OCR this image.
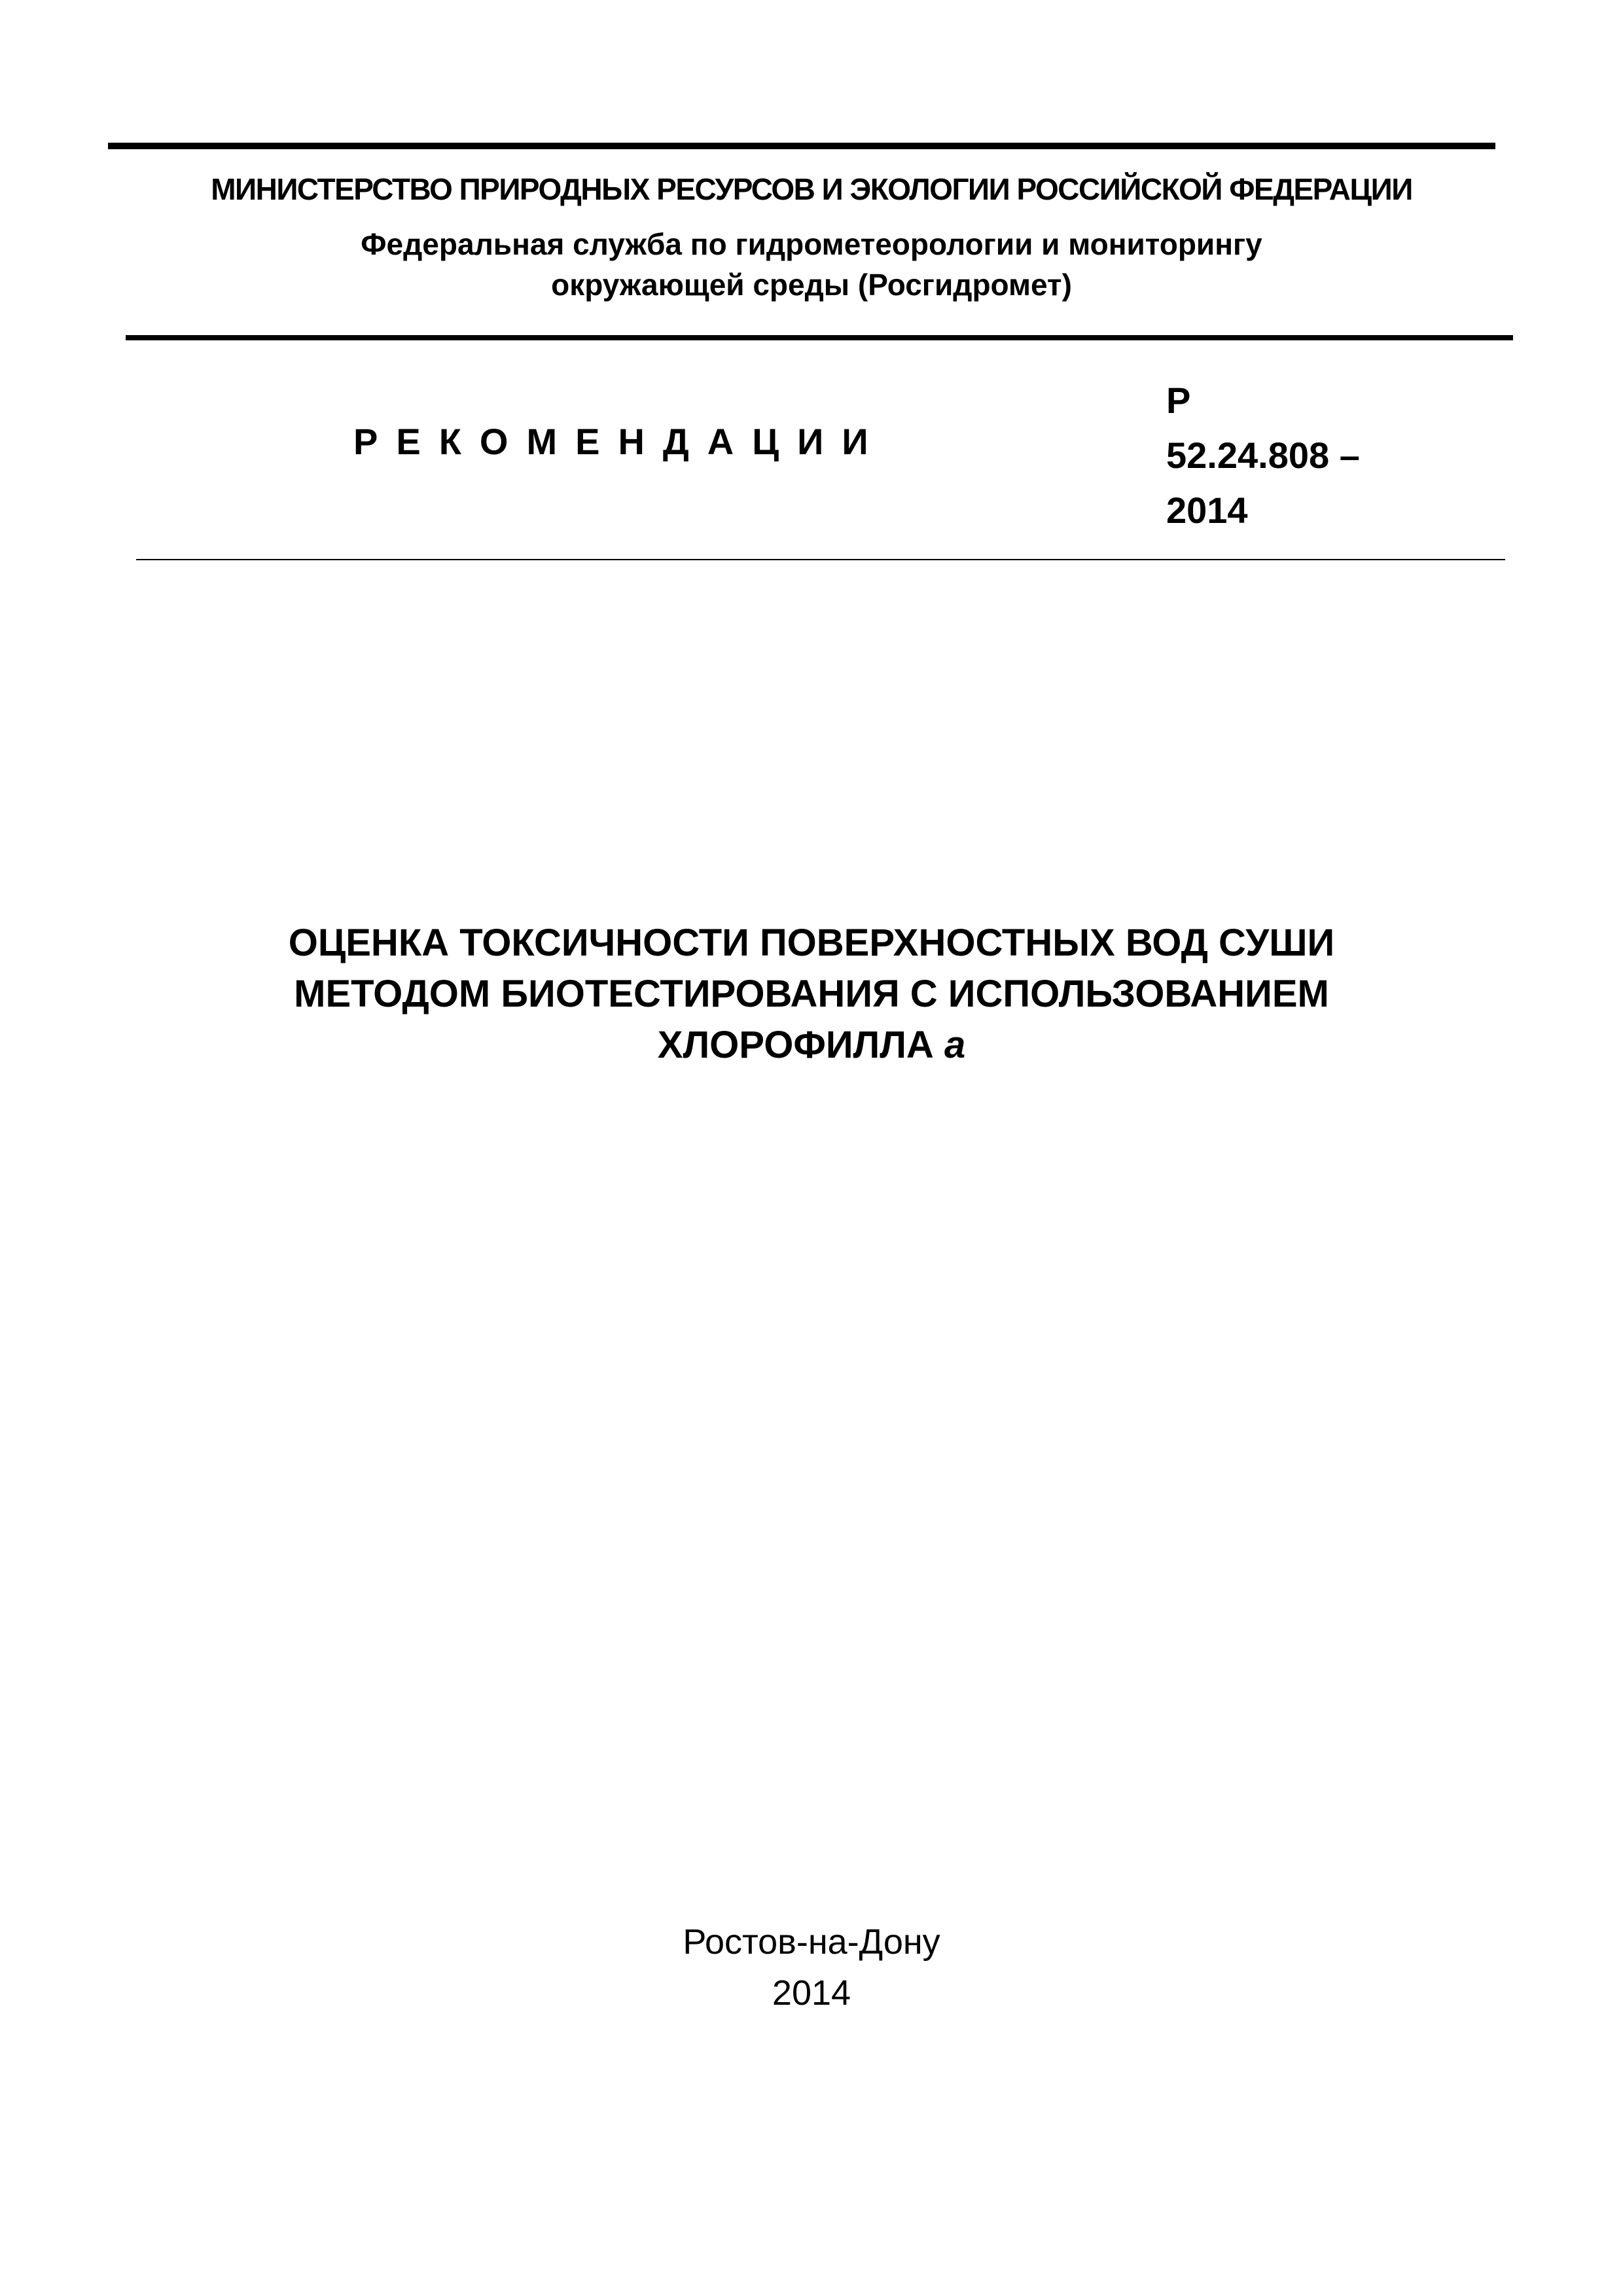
МИНИСТЕРСТВО ПРИРОДНЫХ РЕСУРСОВ И ЭКОЛОГИИ РОССИЙСКОЙ ФЕДЕРАЦИИ
Федеральная служба по гидрометеорологии и мониторингу
окружающей среды (Росгидромет)
РЕКОМЕНДАЦИИ
Р
52.24.808 –
2014
ОЦЕНКА ТОКСИЧНОСТИ ПОВЕРХНОСТНЫХ ВОД СУШИ
МЕТОДОМ БИОТЕСТИРОВАНИЯ С ИСПОЛЬЗОВАНИЕМ
ХЛОРОФИЛЛА а
Ростов-на-Дону
2014
